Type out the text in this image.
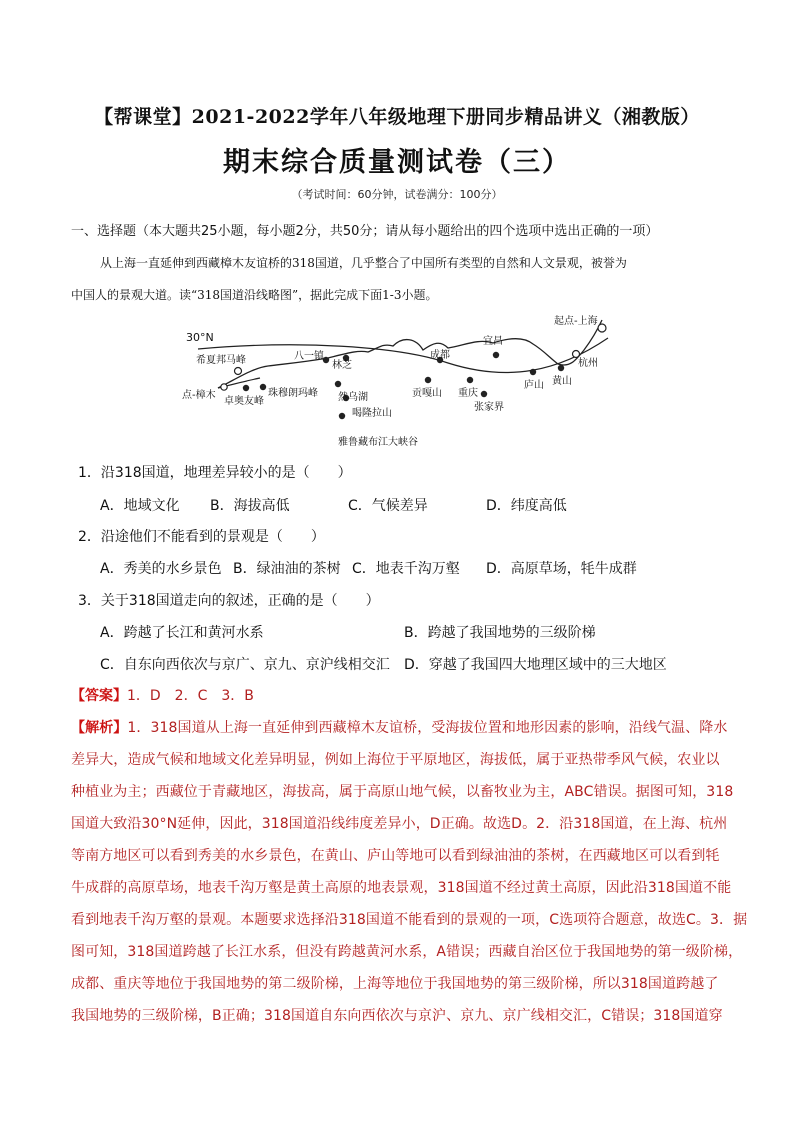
【帮课堂】2021-2022学年八年级地理下册同步精品讲义（湘教版）
期末综合质量测试卷（三）
（考试时间：60分钟，试卷满分：100分）
一、选择题（本大题共25小题，每小题2分，共50分；请从每小题给出的四个选项中选出正确的一项）
从上海一直延伸到西藏樟木友谊桥的318国道，几乎整合了中国所有类型的自然和人文景观，被誉为
中国人的景观大道。读“318国道沿线略图”，据此完成下面1-3小题。
30°N
起点-上海
杭州
宜昌
成都
林芝
八一镇
希夏邦马峰
点-樟木
卓奥友峰
珠穆朗玛峰 然乌湖
喝隆拉山
雅鲁藏布江大峡谷
贡嘎山 重庆
张家界
庐山 黄山
1．沿318国道，地理差异较小的是（　　）
A．地域文化 B．海拔高低	C．气候差异	D．纬度高低
2．沿途他们不能看到的景观是（　　）
A．秀美的水乡景色 B．绿油油的茶树 C．地表千沟万壑 D．高原草场，牦牛成群
3．关于318国道走向的叙述，正确的是（　　）
A．跨越了长江和黄河水系	B．跨越了我国地势的三级阶梯
C．自东向西依次与京广、京九、京沪线相交汇 D．穿越了我国四大地理区域中的三大地区
【答案】1．D　2．C　3．B
【解析】1．318国道从上海一直延伸到西藏樟木友谊桥，受海拔位置和地形因素的影响，沿线气温、降水
差异大，造成气候和地域文化差异明显，例如上海位于平原地区，海拔低，属于亚热带季风气候，农业以
种植业为主；西藏位于青藏地区，海拔高，属于高原山地气候，以畜牧业为主，ABC错误。据图可知，318
国道大致沿30°N延伸，因此，318国道沿线纬度差异小，D正确。故选D。2．沿318国道，在上海、杭州
等南方地区可以看到秀美的水乡景色，在黄山、庐山等地可以看到绿油油的茶树，在西藏地区可以看到牦
牛成群的高原草场，地表千沟万壑是黄土高原的地表景观，318国道不经过黄土高原，因此沿318国道不能
看到地表千沟万壑的景观。本题要求选择沿318国道不能看到的景观的一项，C选项符合题意，故选C。3．据
图可知，318国道跨越了长江水系，但没有跨越黄河水系，A错误；西藏自治区位于我国地势的第一级阶梯，
成都、重庆等地位于我国地势的第二级阶梯，上海等地位于我国地势的第三级阶梯，所以318国道跨越了
我国地势的三级阶梯，B正确；318国道自东向西依次与京沪、京九、京广线相交汇，C错误；318国道穿
